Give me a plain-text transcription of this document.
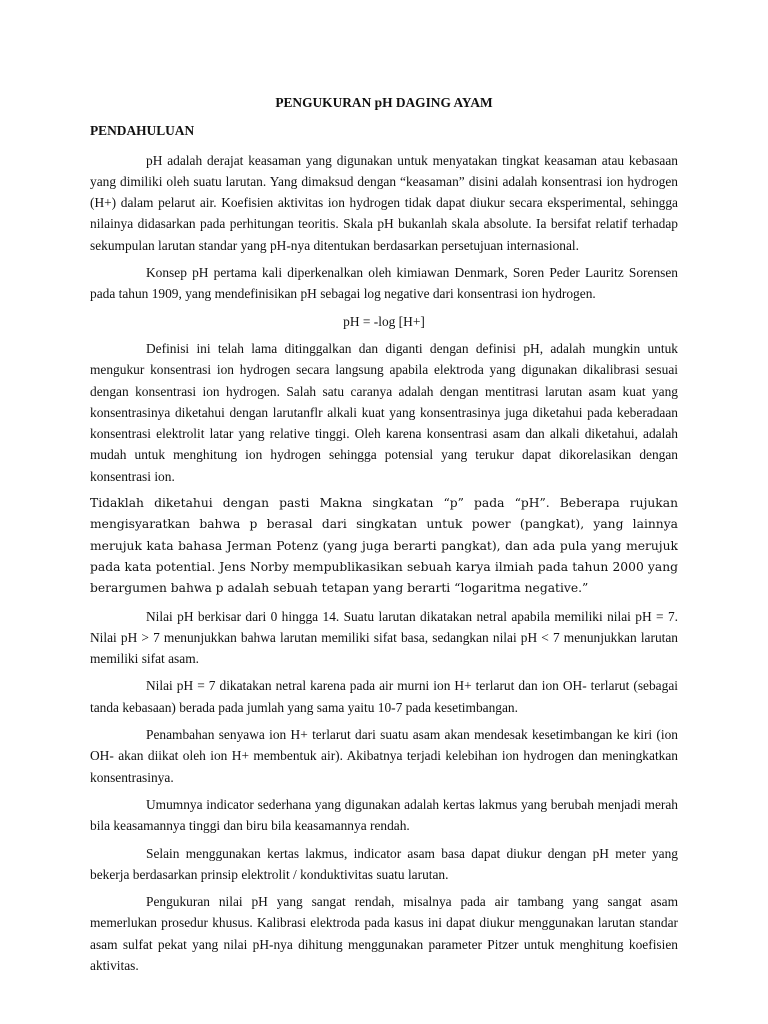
PENGUKURAN pH DAGING AYAM
PENDAHULUAN

pH adalah derajat keasaman yang digunakan untuk menyatakan tingkat keasaman atau kebasaan yang dimiliki oleh suatu larutan. Yang dimaksud dengan “keasaman” disini adalah konsentrasi ion hydrogen (H+) dalam pelarut air. Koefisien aktivitas ion hydrogen tidak dapat diukur secara eksperimental, sehingga nilainya didasarkan pada perhitungan teoritis. Skala pH bukanlah skala absolute. Ia bersifat relatif terhadap sekumpulan larutan standar yang pH-nya ditentukan berdasarkan persetujuan internasional.

Konsep pH pertama kali diperkenalkan oleh kimiawan Denmark, Soren Peder Lauritz Sorensen pada tahun 1909, yang mendefinisikan pH sebagai log negative dari konsentrasi ion hydrogen.

pH = -log [H+]

Definisi ini telah lama ditinggalkan dan diganti dengan definisi pH, adalah mungkin untuk mengukur konsentrasi ion hydrogen secara langsung apabila elektroda yang digunakan dikalibrasi sesuai dengan konsentrasi ion hydrogen. Salah satu caranya adalah dengan mentitrasi larutan asam kuat yang konsentrasinya diketahui dengan larutanflr alkali kuat yang konsentrasinya juga diketahui pada keberadaan konsentrasi elektrolit latar yang relative tinggi. Oleh karena konsentrasi asam dan alkali diketahui, adalah mudah untuk menghitung ion hydrogen sehingga potensial yang terukur dapat dikorelasikan dengan konsentrasi ion.

Tidaklah diketahui dengan pasti Makna singkatan “p” pada “pH”. Beberapa rujukan mengisyaratkan bahwa p berasal dari singkatan untuk power (pangkat), yang lainnya merujuk kata bahasa Jerman Potenz (yang juga berarti pangkat), dan ada pula yang merujuk pada kata potential. Jens Norby mempublikasikan sebuah karya ilmiah pada tahun 2000 yang berargumen bahwa p adalah sebuah tetapan yang berarti “logaritma negative.”

Nilai pH berkisar dari 0 hingga 14. Suatu larutan dikatakan netral apabila memiliki nilai pH = 7. Nilai pH > 7 menunjukkan bahwa larutan memiliki sifat basa, sedangkan nilai pH < 7 menunjukkan larutan memiliki sifat asam.

Nilai pH = 7 dikatakan netral karena pada air murni ion H+ terlarut dan ion OH- terlarut (sebagai tanda kebasaan) berada pada jumlah yang sama yaitu 10-7 pada kesetimbangan.

Penambahan senyawa ion H+ terlarut dari suatu asam akan mendesak kesetimbangan ke kiri (ion OH- akan diikat oleh ion H+ membentuk air). Akibatnya terjadi kelebihan ion hydrogen dan meningkatkan konsentrasinya.

Umumnya indicator sederhana yang digunakan adalah kertas lakmus yang berubah menjadi merah bila keasamannya tinggi dan biru bila keasamannya rendah.

Selain menggunakan kertas lakmus, indicator asam basa dapat diukur dengan pH meter yang bekerja berdasarkan prinsip elektrolit / konduktivitas suatu larutan.

Pengukuran nilai pH yang sangat rendah, misalnya pada air tambang yang sangat asam memerlukan prosedur khusus. Kalibrasi elektroda pada kasus ini dapat diukur menggunakan larutan standar asam sulfat pekat yang nilai pH-nya dihitung menggunakan parameter Pitzer untuk menghitung koefisien aktivitas.
